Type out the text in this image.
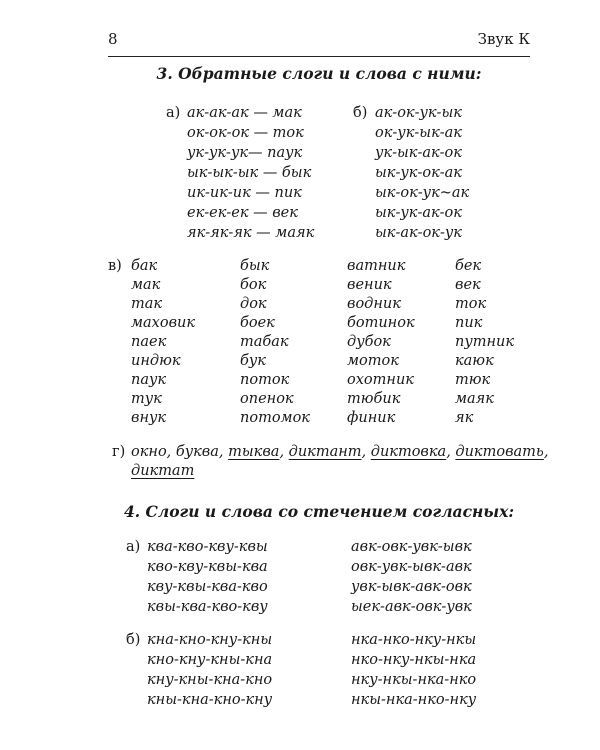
8	Звук К
3. Обратные слоги и слова с ними:
а) ак-ак-ак — мак
ок-ок-ок — ток
ук-ук-ук— паук
ык-ык-ык — бык
ик-ик-ик — пик
ек-ек-ек — век
як-як-як — маяк
б) ак-ок-ук-ык
ок-ук-ык-ак
ук-ык-ак-ок
ык-ук-ок-ак
ык-ок-ук~ак
ык-ук-ак-ок
ык-ак-ок-ук
в) бак
мак
так
маховик
паек
индюк
паук
тук
внук
бык
бок
док
боек
табак
бук
поток
опенок
потомок
ватник
веник
водник
ботинок
дубок
моток
охотник
тюбик
финик
бек
век
ток
пик
путник
каюк
тюк
маяк
як
г) окно, буква, тыква, диктант, диктовка, диктовать,
диктат
4. Слоги и слова со стечением согласных:
а) ква-кво-кву-квы
кво-кву-квы-ква
кву-квы-ква-кво
квы-ква-кво-кву
авк-овк-увк-ывк
овк-увк-ывк-авк
увк-ывк-авк-овк
ыек-авк-овк-увк
б) кна-кно-кну-кны
кно-кну-кны-кна
кну-кны-кна-кно
кны-кна-кно-кну
нка-нко-нку-нкы
нко-нку-нкы-нка
нку-нкы-нка-нко
нкы-нка-нко-нку
